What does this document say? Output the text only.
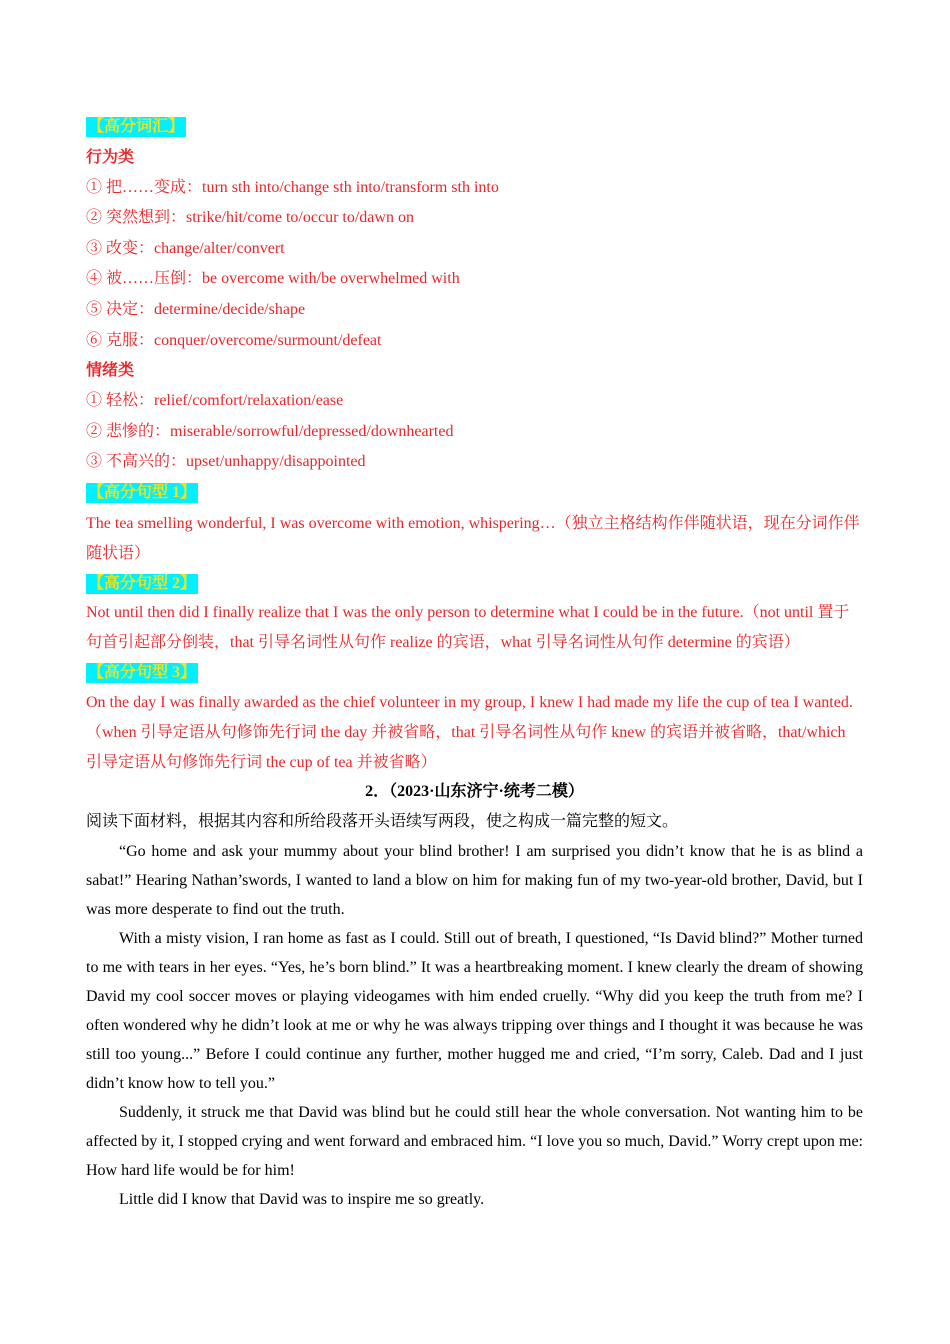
【高分词汇】
行为类
① 把……变成：turn sth into/change sth into/transform sth into
② 突然想到：strike/hit/come to/occur to/dawn on
③ 改变：change/alter/convert
④ 被……压倒：be overcome with/be overwhelmed with
⑤ 决定：determine/decide/shape
⑥ 克服：conquer/overcome/surmount/defeat
情绪类
① 轻松：relief/comfort/relaxation/ease
② 悲惨的：miserable/sorrowful/depressed/downhearted
③ 不高兴的：upset/unhappy/disappointed
【高分句型 1】
The tea smelling wonderful, I was overcome with emotion, whispering…（独立主格结构作伴随状语，现在分词作伴随状语）
【高分句型 2】
Not until then did I finally realize that I was the only person to determine what I could be in the future.（not until 置于句首引起部分倒装，that 引导名词性从句作 realize 的宾语，what 引导名词性从句作 determine 的宾语）
【高分句型 3】
On the day I was finally awarded as the chief volunteer in my group, I knew I had made my life the cup of tea I wanted.（when 引导定语从句修饰先行词 the day 并被省略，that 引导名词性从句作 knew 的宾语并被省略，that/which 引导定语从句修饰先行词 the cup of tea 并被省略）
2．（2023·山东济宁·统考二模）
阅读下面材料，根据其内容和所给段落开头语续写两段，使之构成一篇完整的短文。

“Go home and ask your mummy about your blind brother! I am surprised you didn’t know that he is as blind a sabat!” Hearing Nathan’swords, I wanted to land a blow on him for making fun of my two-year-old brother, David, but I was more desperate to find out the truth.

With a misty vision, I ran home as fast as I could. Still out of breath, I questioned, “Is David blind?” Mother turned to me with tears in her eyes. “Yes, he’s born blind.” It was a heartbreaking moment. I knew clearly the dream of showing David my cool soccer moves or playing videogames with him ended cruelly. “Why did you keep the truth from me? I often wondered why he didn’t look at me or why he was always tripping over things and I thought it was because he was still too young...” Before I could continue any further, mother hugged me and cried, “I’m sorry, Caleb. Dad and I just didn’t know how to tell you.”

Suddenly, it struck me that David was blind but he could still hear the whole conversation. Not wanting him to be affected by it, I stopped crying and went forward and embraced him. “I love you so much, David.” Worry crept upon me: How hard life would be for him!

Little did I know that David was to inspire me so greatly.
